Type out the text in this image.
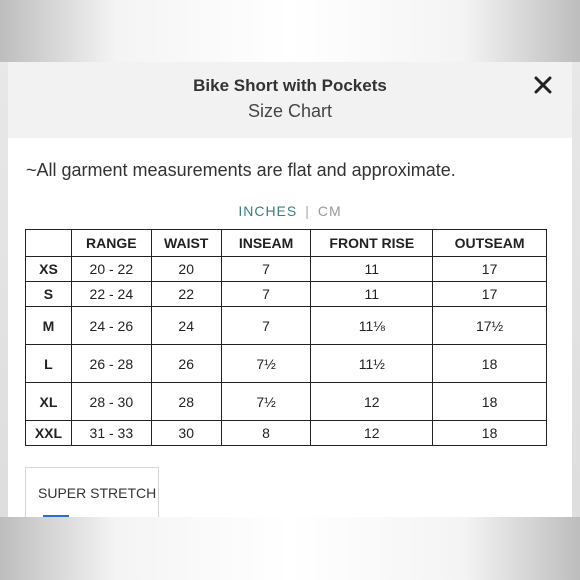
Bike Short with Pockets
Size Chart
~All garment measurements are flat and approximate.
INCHES | CM
	RANGE	WAIST	INSEAM	FRONT RISE	OUTSEAM
XS	20 - 22	20	7	11	17
S	22 - 24	22	7	11	17
M	24 - 26	24	7	11⅛	17½
L	26 - 28	26	7½	11½	18
XL	28 - 30	28	7½	12	18
XXL	31 - 33	30	8	12	18
SUPER STRETCH
